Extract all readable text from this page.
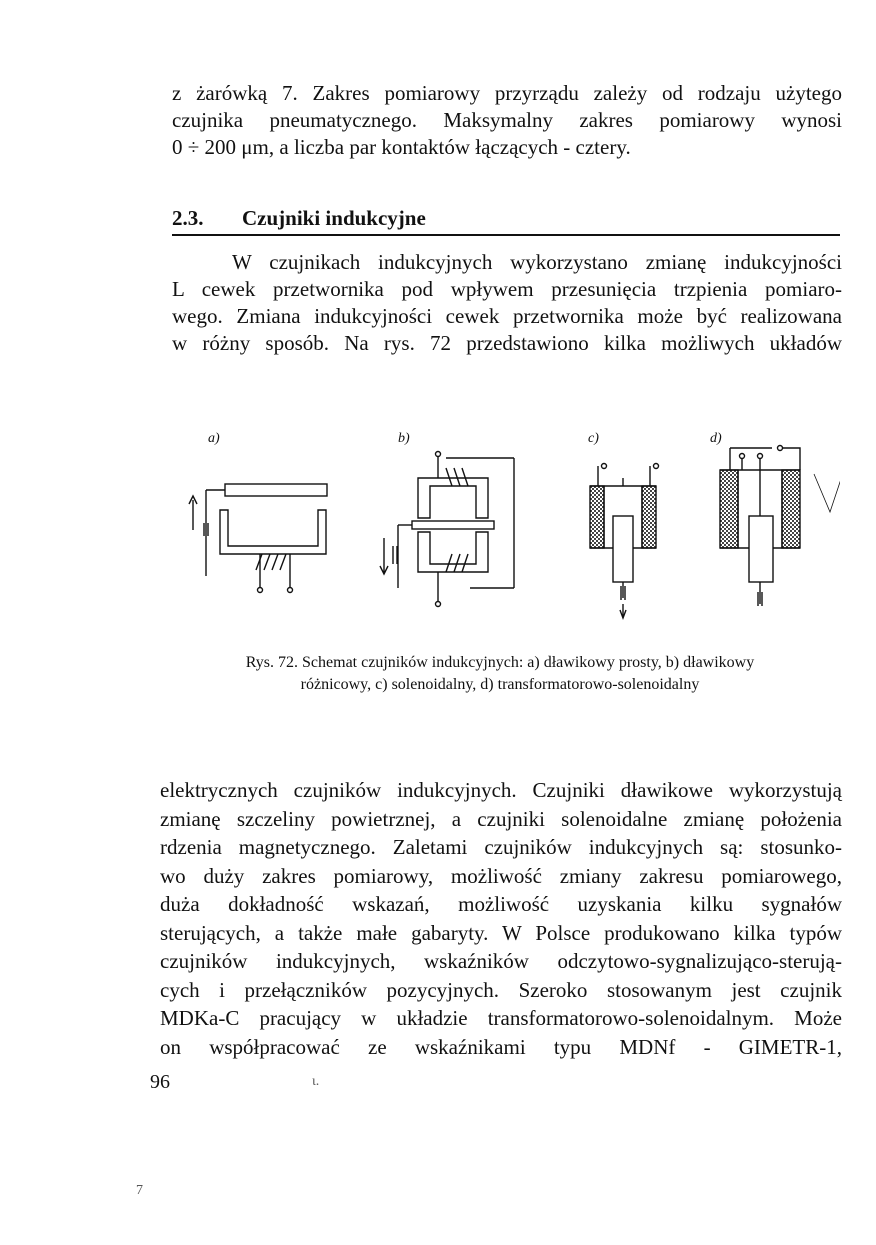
z żarówką 7. Zakres pomiarowy przyrządu zależy od rodzaju użytego
czujnika pneumatycznego. Maksymalny zakres pomiarowy wynosi
0 ÷ 200 μm, a liczba par kontaktów łączących - cztery.
2.3. Czujniki indukcyjne
W czujnikach indukcyjnych wykorzystano zmianę indukcyjności
L cewek przetwornika pod wpływem przesunięcia trzpienia pomiaro-
wego. Zmiana indukcyjności cewek przetwornika może być realizowana
w różny sposób. Na rys. 72 przedstawiono kilka możliwych układów
a)	b)	c)	d)
Rys. 72. Schemat czujników indukcyjnych: a) dławikowy prosty, b) dławikowy
różnicowy, c) solenoidalny, d) transformatorowo-solenoidalny
elektrycznych czujników indukcyjnych. Czujniki dławikowe wykorzystują
zmianę szczeliny powietrznej, a czujniki solenoidalne zmianę położenia
rdzenia magnetycznego. Zaletami czujników indukcyjnych są: stosunko-
wo duży zakres pomiarowy, możliwość zmiany zakresu pomiarowego,
duża dokładność wskazań, możliwość uzyskania kilku sygnałów
sterujących, a także małe gabaryty. W Polsce produkowano kilka typów
czujników indukcyjnych, wskaźników odczytowo-sygnalizująco-sterują-
cych i przełączników pozycyjnych. Szeroko stosowanym jest czujnik
MDKa-C pracujący w układzie transformatorowo-solenoidalnym. Może
on współpracować ze wskaźnikami typu MDNf - GIMETR-1,
96	ι.
7
